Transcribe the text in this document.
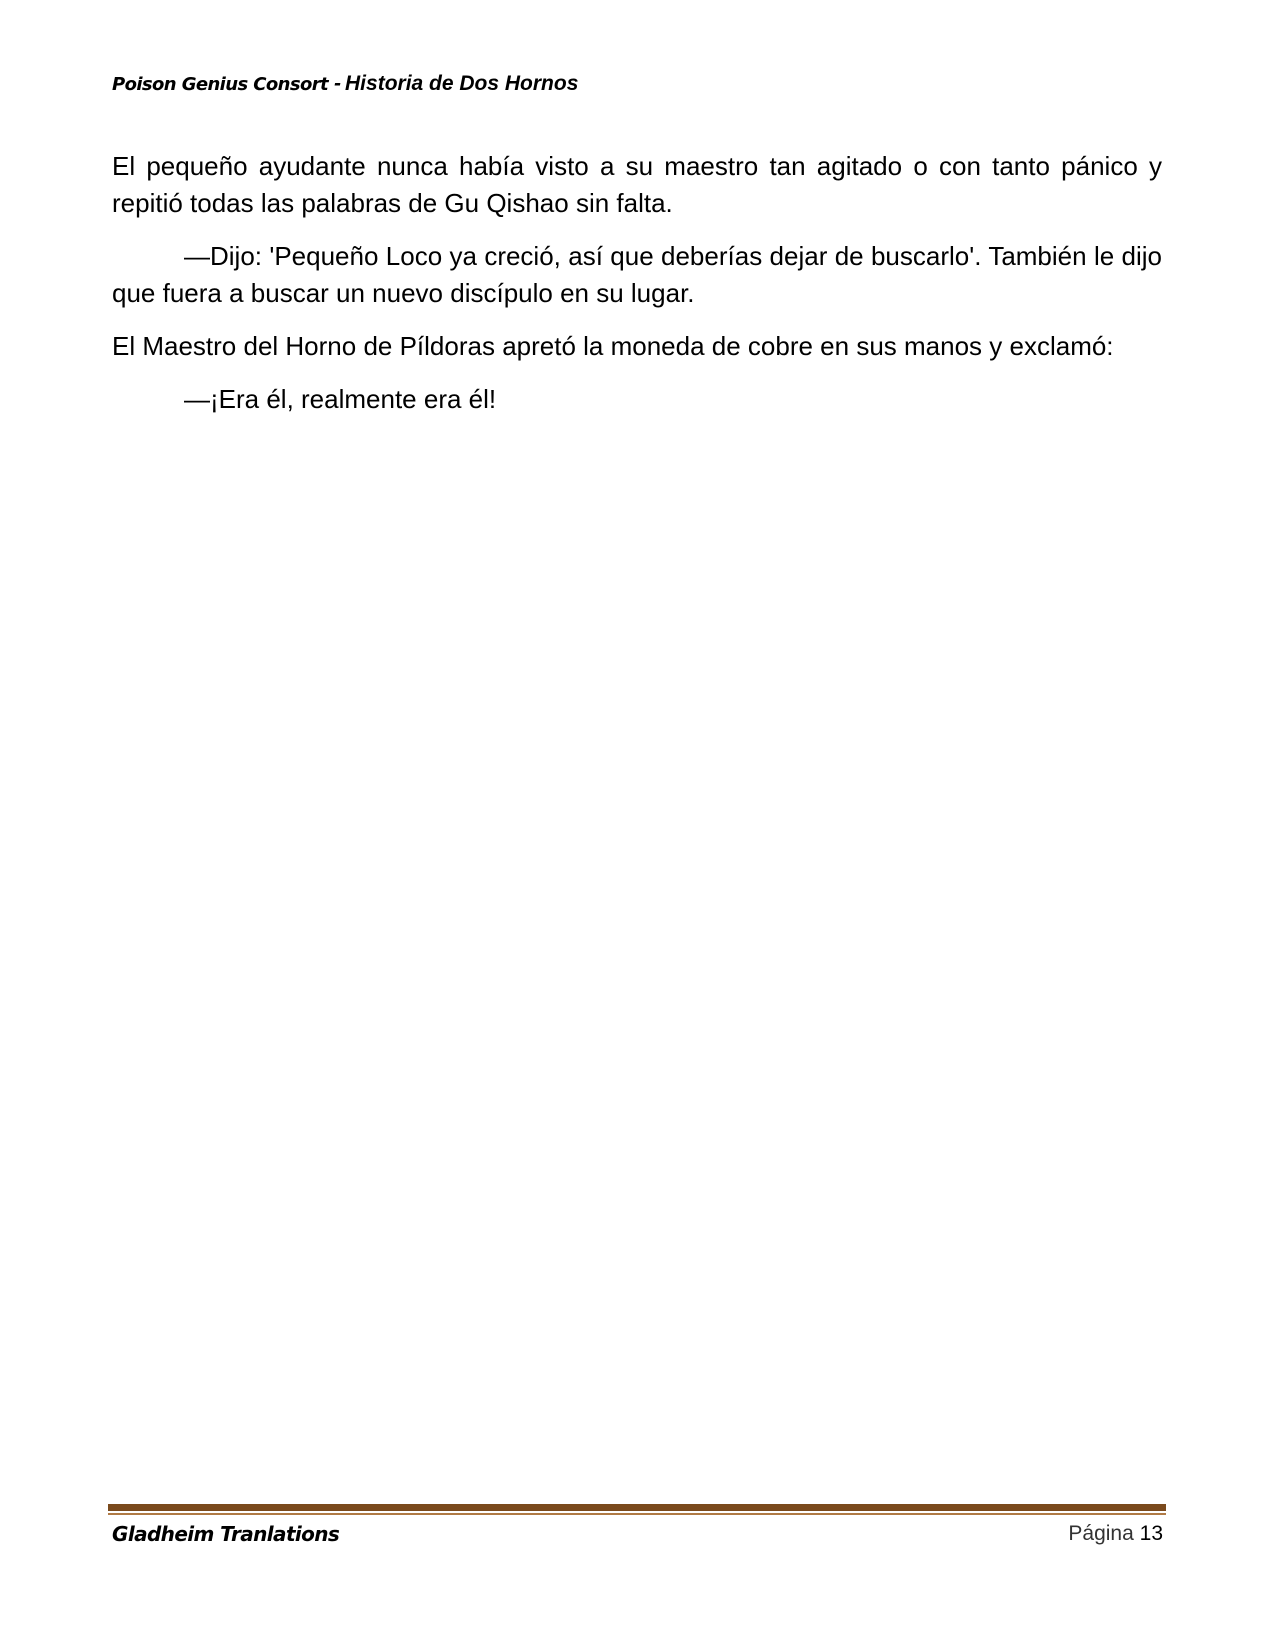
Poison Genius Consort - Historia de Dos Hornos

El pequeño ayudante nunca había visto a su maestro tan agitado o con tanto pánico y repitió todas las palabras de Gu Qishao sin falta.

—Dijo: 'Pequeño Loco ya creció, así que deberías dejar de buscarlo'. También le dijo que fuera a buscar un nuevo discípulo en su lugar.

El Maestro del Horno de Píldoras apretó la moneda de cobre en sus manos y exclamó:

—¡Era él, realmente era él!

Gladheim Tranlations	Página 13
